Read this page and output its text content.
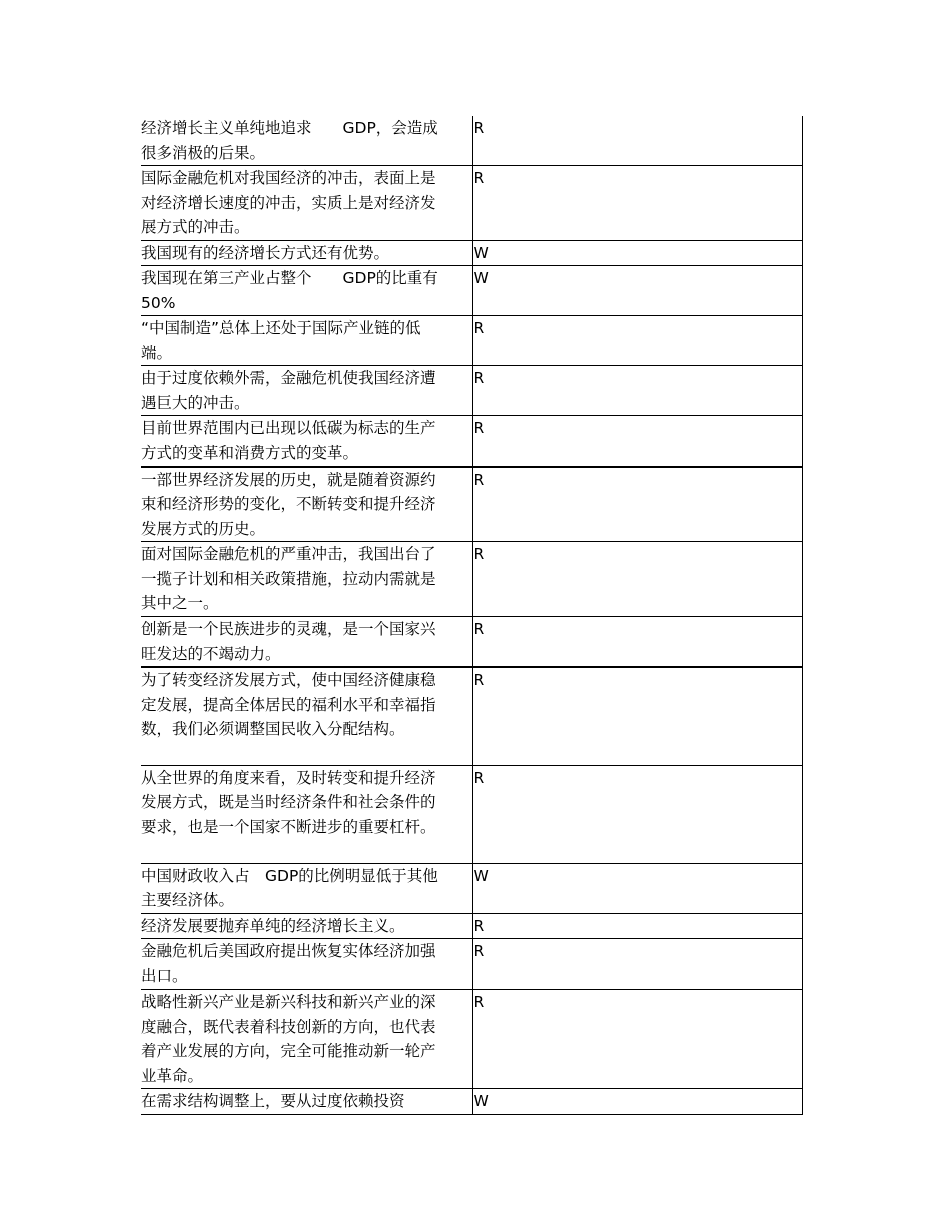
经济增长主义单纯地追求　　GDP，会造成很多消极的后果。	R

国际金融危机对我国经济的冲击，表面上是对经济增长速度的冲击，实质上是对经济发展方式的冲击。	R

我国现有的经济增长方式还有优势。	W

我国现在第三产业占整个　　GDP的比重有50%	W

“中国制造”总体上还处于国际产业链的低端。	R

由于过度依赖外需，金融危机使我国经济遭遇巨大的冲击。	R

目前世界范围内已出现以低碳为标志的生产方式的变革和消费方式的变革。	R

一部世界经济发展的历史，就是随着资源约束和经济形势的变化，不断转变和提升经济发展方式的历史。	R

面对国际金融危机的严重冲击，我国出台了一揽子计划和相关政策措施，拉动内需就是其中之一。	R

创新是一个民族进步的灵魂，是一个国家兴旺发达的不竭动力。	R

为了转变经济发展方式，使中国经济健康稳定发展，提高全体居民的福利水平和幸福指数，我们必须调整国民收入分配结构。	R

从全世界的角度来看，及时转变和提升经济发展方式，既是当时经济条件和社会条件的要求，也是一个国家不断进步的重要杠杆。	R

中国财政收入占　GDP的比例明显低于其他主要经济体。	W

经济发展要抛弃单纯的经济增长主义。	R

金融危机后美国政府提出恢复实体经济加强出口。	R

战略性新兴产业是新兴科技和新兴产业的深度融合，既代表着科技创新的方向，也代表着产业发展的方向，完全可能推动新一轮产业革命。	R

在需求结构调整上，要从过度依赖投资	W
